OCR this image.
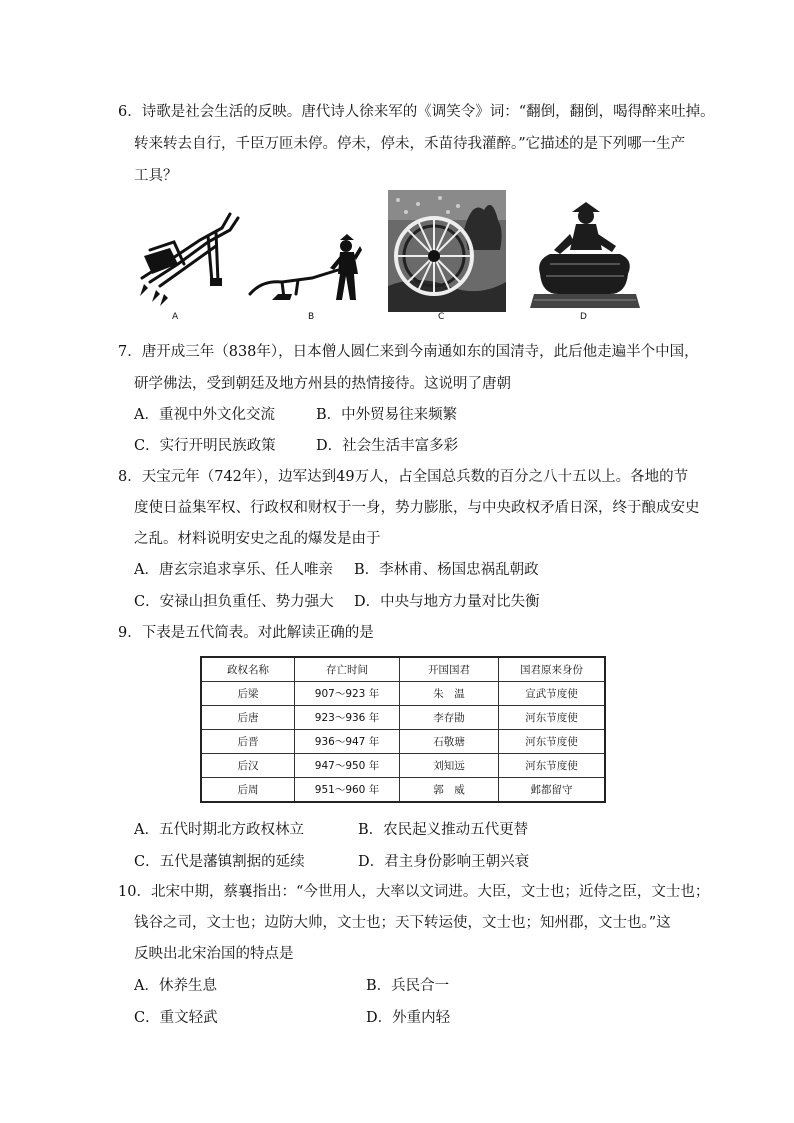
6．诗歌是社会生活的反映。唐代诗人徐来军的《调笑令》词：“翻倒，翻倒，喝得醉来吐掉。
转来转去自行，千臣万匝未停。停未，停未，禾苗待我灌醉。”它描述的是下列哪一生产
工具？
A	B	C	D
7．唐开成三年（838年），日本僧人圆仁来到今南通如东的国清寺，此后他走遍半个中国，
研学佛法，受到朝廷及地方州县的热情接待。这说明了唐朝
A．重视中外文化交流	B．中外贸易往来频繁
C．实行开明民族政策	D．社会生活丰富多彩
8．天宝元年（742年），边军达到49万人，占全国总兵数的百分之八十五以上。各地的节
度使日益集军权、行政权和财权于一身，势力膨胀，与中央政权矛盾日深，终于酿成安史
之乱。材料说明安史之乱的爆发是由于
A．唐玄宗追求享乐、任人唯亲 B．李林甫、杨国忠祸乱朝政
C．安禄山担负重任、势力强大 D．中央与地方力量对比失衡
9．下表是五代简表。对此解读正确的是
政权名称	存亡时间	开国国君	国君原来身份
后梁	907～923 年	朱　温	宣武节度使
后唐	923～936 年	李存勖	河东节度使
后晋	936～947 年	石敬瑭	河东节度使
后汉	947～950 年	刘知远	河东节度使
后周	951～960 年	郭　威	邺都留守
A．五代时期北方政权林立	B．农民起义推动五代更替
C．五代是藩镇割据的延续	D．君主身份影响王朝兴衰
10．北宋中期，蔡襄指出：“今世用人，大率以文词进。大臣，文士也；近侍之臣，文士也；
钱谷之司，文士也；边防大帅，文士也；天下转运使，文士也；知州郡，文士也。”这
反映出北宋治国的特点是
A．休养生息	B．兵民合一
C．重文轻武	D．外重内轻
